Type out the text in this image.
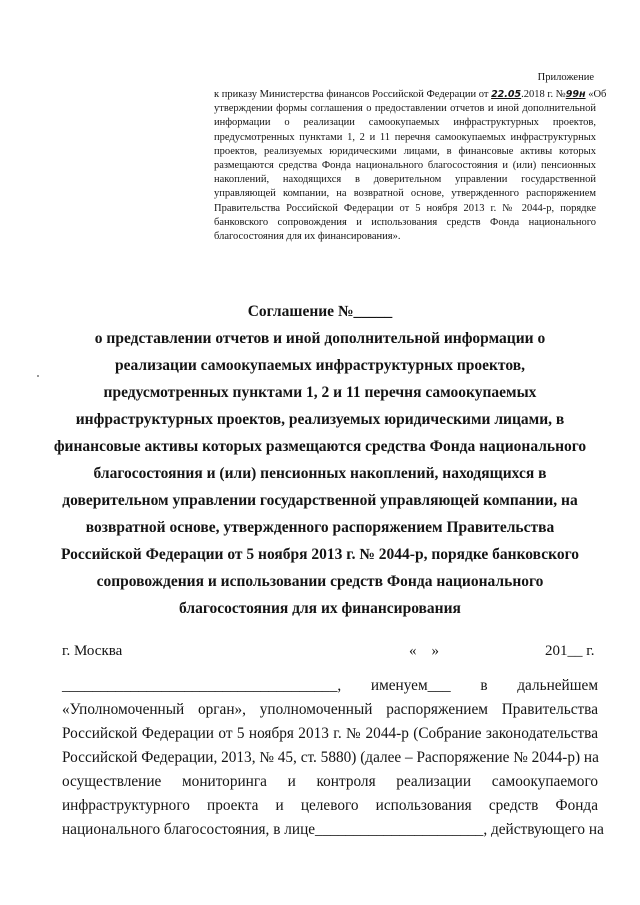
Приложение
к приказу Министерства финансов Российской Федерации от 22.05.2018 г. №99н «Об
утверждении формы соглашения о предоставлении отчетов и иной дополнительной
информации о реализации самоокупаемых инфраструктурных проектов,
предусмотренных пунктами 1, 2 и 11 перечня самоокупаемых инфраструктурных
проектов, реализуемых юридическими лицами, в финансовые активы которых
размещаются средства Фонда национального благосостояния и (или) пенсионных
накоплений, находящихся в доверительном управлении государственной
управляющей компании, на возвратной основе, утвержденного распоряжением
Правительства Российской Федерации от 5 ноября 2013 г. № 2044-р, порядке
банковского сопровождения и использования средств Фонда национального
благосостояния для их финансирования».
Соглашение №_____
о представлении отчетов и иной дополнительной информации о
реализации самоокупаемых инфраструктурных проектов,
предусмотренных пунктами 1, 2 и 11 перечня самоокупаемых
инфраструктурных проектов, реализуемых юридическими лицами, в
финансовые активы которых размещаются средства Фонда национального
благосостояния и (или) пенсионных накоплений, находящихся в
доверительном управлении государственной управляющей компании, на
возвратной основе, утвержденного распоряжением Правительства
Российской Федерации от 5 ноября 2013 г. № 2044-р, порядке банковского
сопровождения и использовании средств Фонда национального
благосостояния для их финансирования
г. Москва	«    »	201__ г.
____________________________________, именуем___ в дальнейшем
«Уполномоченный орган», уполномоченный распоряжением Правительства
Российской Федерации от 5 ноября 2013 г. № 2044-р (Собрание законодательства
Российской Федерации, 2013, № 45, ст. 5880) (далее – Распоряжение № 2044-р) на
осуществление мониторинга и контроля реализации самоокупаемого
инфраструктурного проекта и целевого использования средств Фонда
национального благосостояния, в лице______________________, действующего на
